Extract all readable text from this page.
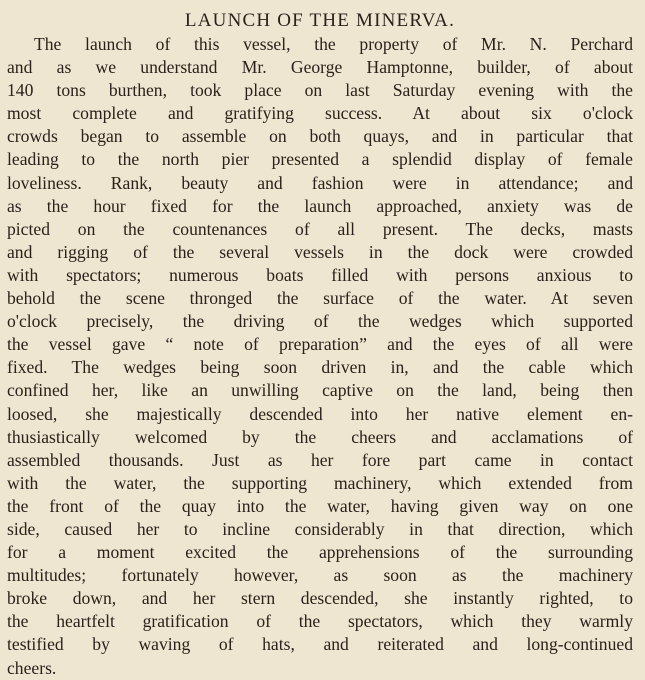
LAUNCH OF THE MINERVA.
The launch of this vessel, the property of Mr. N. Perchard
and as we understand Mr. George Hamptonne, builder, of about
140 tons burthen, took place on last Saturday evening with the
most complete and gratifying success. At about six o'clock
crowds began to assemble on both quays, and in particular that
leading to the north pier presented a splendid display of female
loveliness. Rank, beauty and fashion were in attendance; and
as the hour fixed for the launch approached, anxiety was de
picted on the countenances of all present. The decks, masts
and rigging of the several vessels in the dock were crowded
with spectators; numerous boats filled with persons anxious to
behold the scene thronged the surface of the water. At seven
o'clock precisely, the driving of the wedges which supported
the vessel gave “ note of preparation” and the eyes of all were
fixed. The wedges being soon driven in, and the cable which
confined her, like an unwilling captive on the land, being then
loosed, she majestically descended into her native element en-
thusiastically welcomed by the cheers and acclamations of
assembled thousands. Just as her fore part came in contact
with the water, the supporting machinery, which extended from
the front of the quay into the water, having given way on one
side, caused her to incline considerably in that direction, which
for a moment excited the apprehensions of the surrounding
multitudes; fortunately however, as soon as the machinery
broke down, and her stern descended, she instantly righted, to
the heartfelt gratification of the spectators, which they warmly
testified by waving of hats, and reiterated and long-continued
cheers.
